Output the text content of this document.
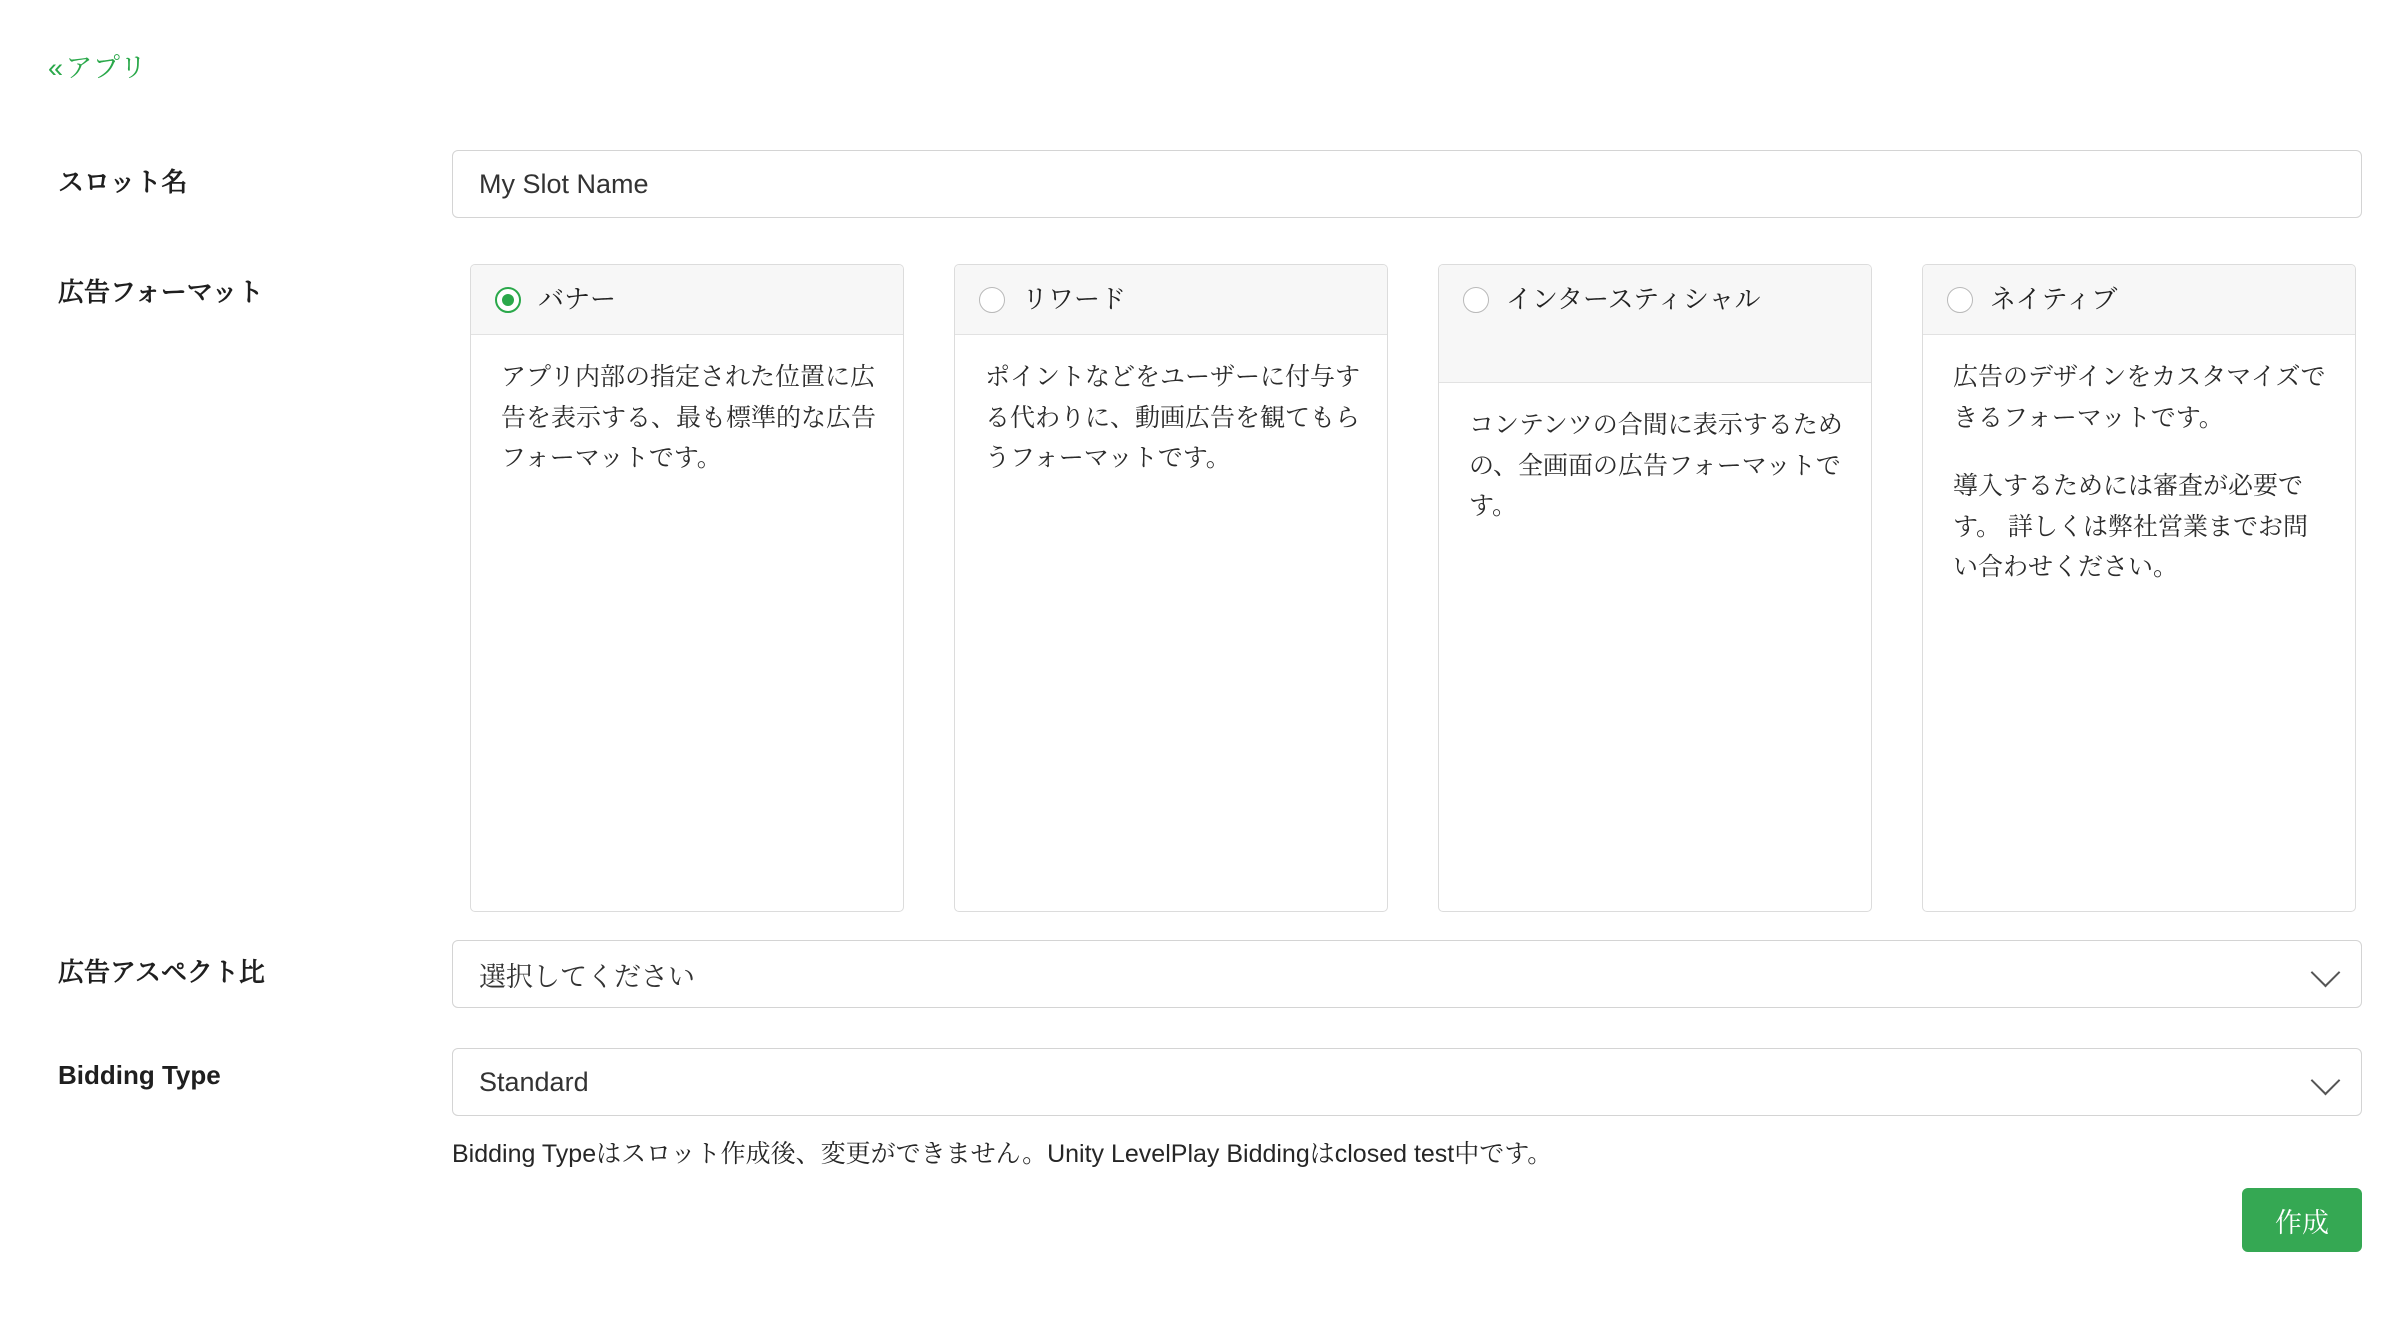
«アプリ
スロット名
My Slot Name
広告フォーマット	バナー

アプリ内部の指定された位置に広告を表示する、最も標準的な広告フォーマットです。

リワード

ポイントなどをユーザーに付与する代わりに、動画広告を観てもらうフォーマットです。

インタースティシャル

コンテンツの合間に表示するための、全画面の広告フォーマットです。

ネイティブ

広告のデザインをカスタマイズできるフォーマットです。

導入するためには審査が必要です。 詳しくは弊社営業までお問い合わせください。

広告アスペクト比	選択してください
Bidding Type	Standard
Bidding Typeはスロット作成後、変更ができません。Unity LevelPlay Biddingはclosed test中です。
作成
